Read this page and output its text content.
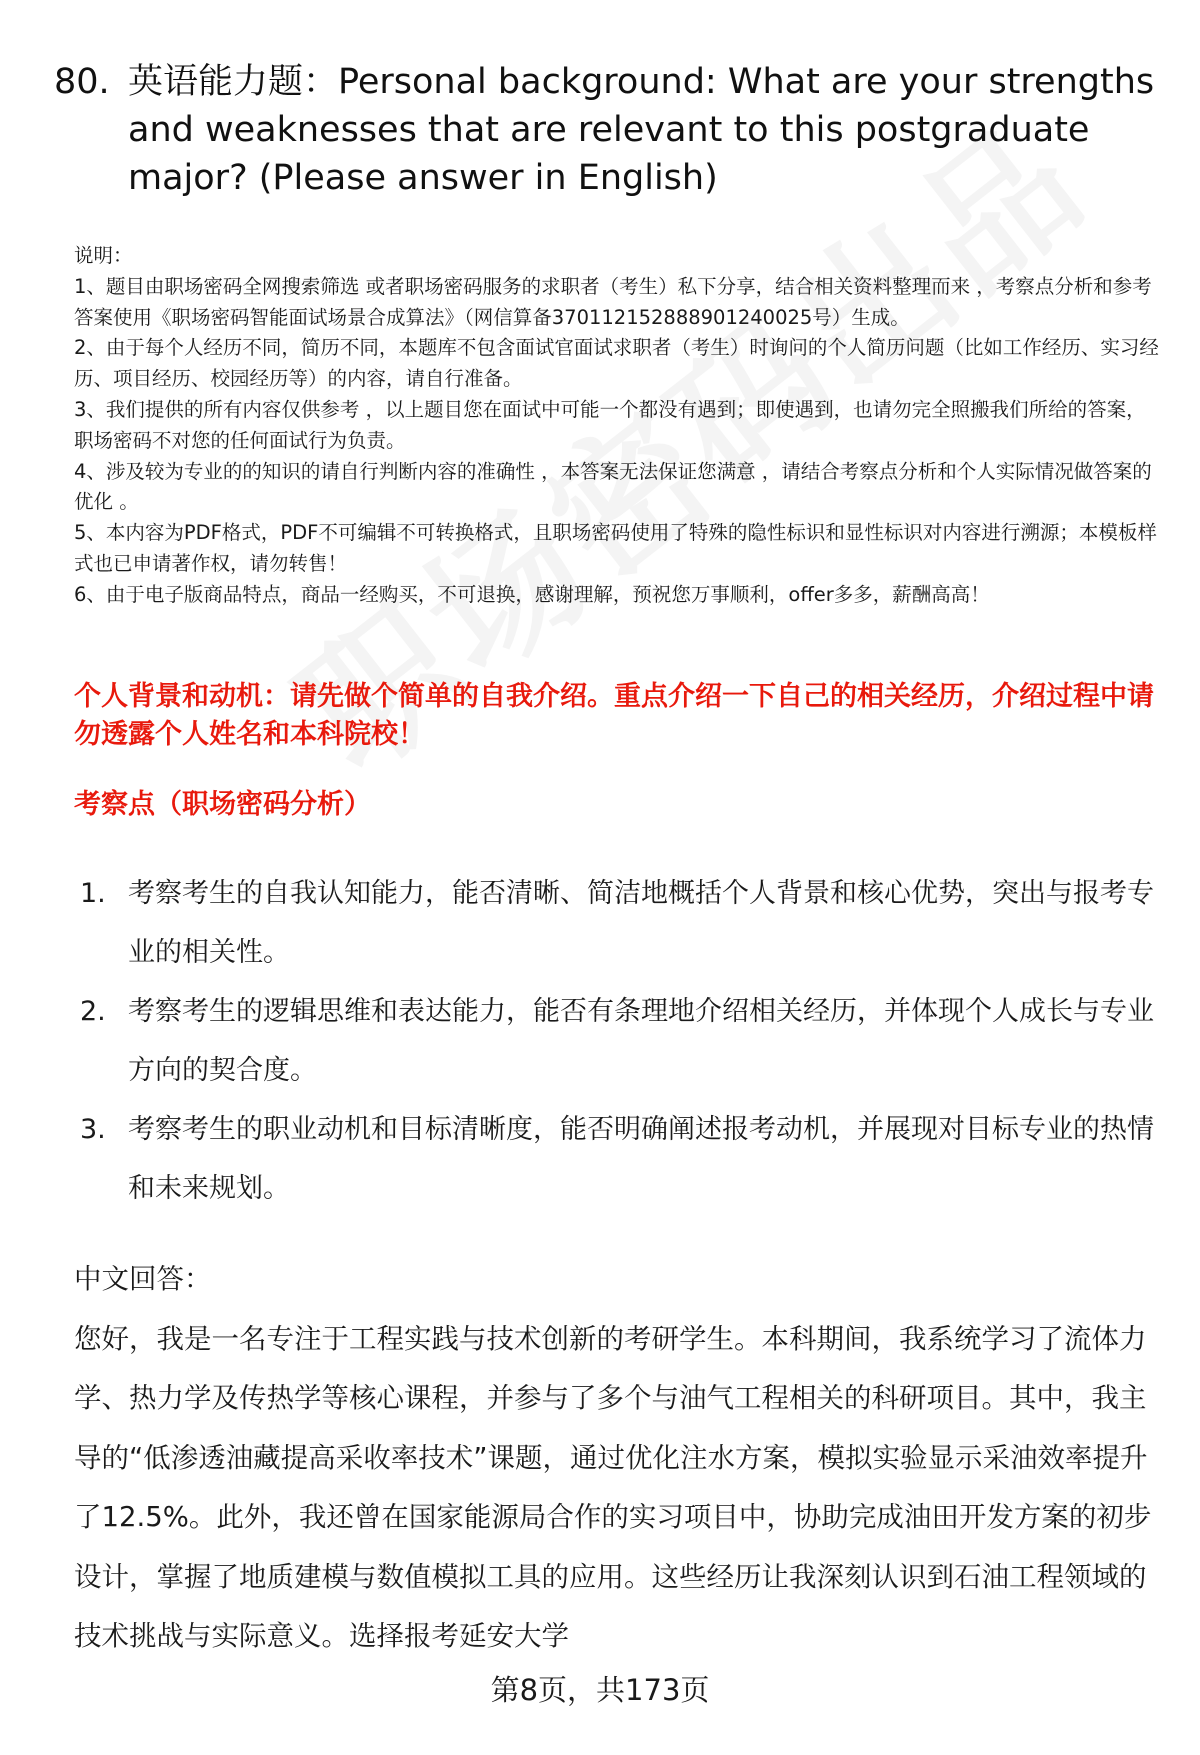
80. 英语能力题：Personal background: What are your strengths and weaknesses that are relevant to this postgraduate major? (Please answer in English)

说明：

1、题目由职场密码全网搜索筛选 或者职场密码服务的求职者（考生）私下分享，结合相关资料整理而来 ，考察点分析和参考答案使用《职场密码智能面试场景合成算法》（网信算备370112152888901240025号）生成。

2、由于每个人经历不同，简历不同，本题库不包含面试官面试求职者（考生）时询问的个人简历问题（比如工作经历、实习经历、项目经历、校园经历等）的内容，请自行准备。

3、我们提供的所有内容仅供参考 ，以上题目您在面试中可能一个都没有遇到；即使遇到，也请勿完全照搬我们所给的答案，职场密码不对您的任何面试行为负责。

4、涉及较为专业的的知识的请自行判断内容的准确性 ，本答案无法保证您满意 ，请结合考察点分析和个人实际情况做答案的优化 。

5、本内容为PDF格式，PDF不可编辑不可转换格式，且职场密码使用了特殊的隐性标识和显性标识对内容进行溯源；本模板样式也已申请著作权，请勿转售！

6、由于电子版商品特点，商品一经购买，不可退换，感谢理解，预祝您万事顺利，offer多多，薪酬高高！

个人背景和动机：请先做个简单的自我介绍。重点介绍一下自己的相关经历，介绍过程中请勿透露个人姓名和本科院校！
考察点（职场密码分析）
1. 考察考生的自我认知能力，能否清晰、简洁地概括个人背景和核心优势，突出与报考专业的相关性。
2. 考察考生的逻辑思维和表达能力，能否有条理地介绍相关经历，并体现个人成长与专业方向的契合度。
3. 考察考生的职业动机和目标清晰度，能否明确阐述报考动机，并展现对目标专业的热情和未来规划。

中文回答：

您好，我是一名专注于工程实践与技术创新的考研学生。本科期间，我系统学习了流体力学、热力学及传热学等核心课程，并参与了多个与油气工程相关的科研项目。其中，我主导的“低渗透油藏提高采收率技术”课题，通过优化注水方案，模拟实验显示采油效率提升了12.5%。此外，我还曾在国家能源局合作的实习项目中，协助完成油田开发方案的初步设计，掌握了地质建模与数值模拟工具的应用。这些经历让我深刻认识到石油工程领域的技术挑战与实际意义。选择报考延安大学

第8页，共173页
